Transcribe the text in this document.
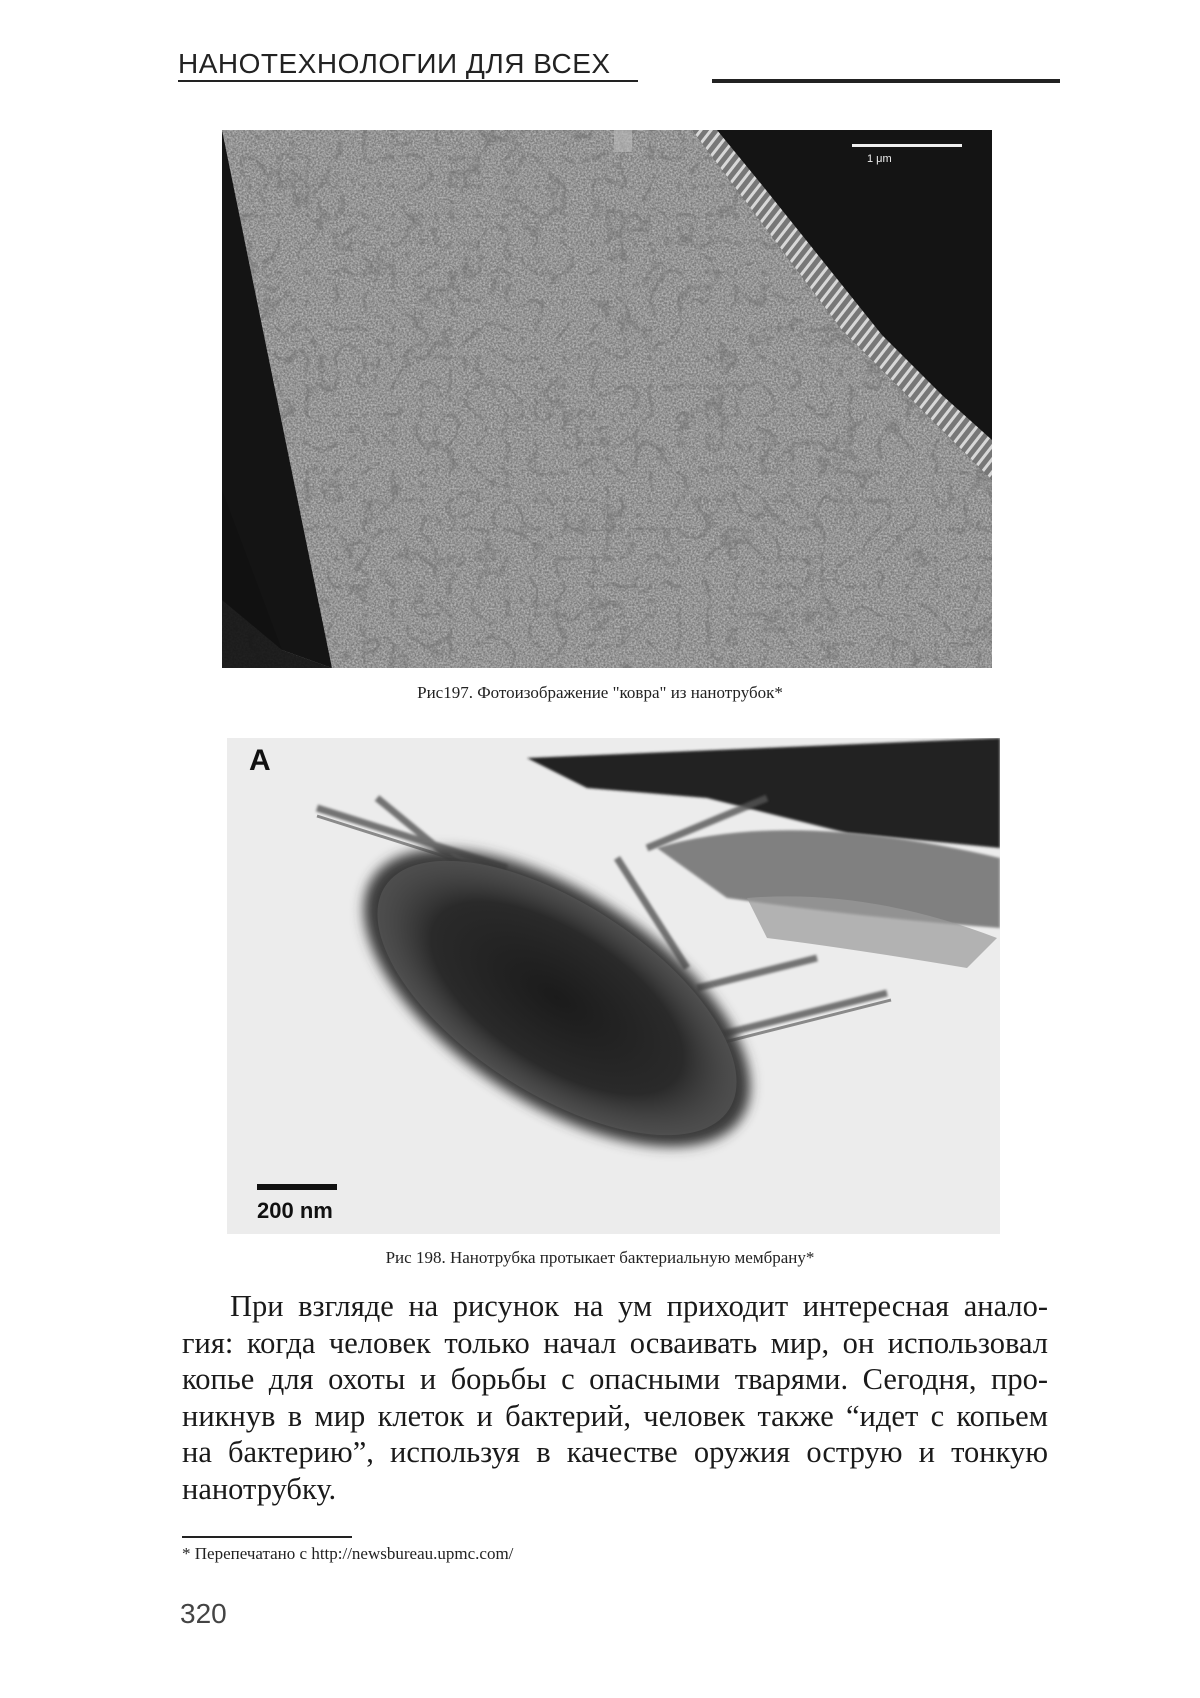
НАНОТЕХНОЛОГИИ ДЛЯ ВСЕХ
1 μm
Рис197. Фотоизображение "ковра" из нанотрубок*
A
200 nm
Рис 198. Нанотрубка протыкает бактериальную мембрану*
При взгляде на рисунок на ум приходит интересная анало-
гия: когда человек только начал осваивать мир, он использовал
копье для охоты и борьбы с опасными тварями. Сегодня, про-
никнув в мир клеток и бактерий, человек также “идет с копьем
на бактерию”, используя в качестве оружия острую и тонкую
нанотрубку.
* Перепечатано с http://newsbureau.upmc.com/
320
